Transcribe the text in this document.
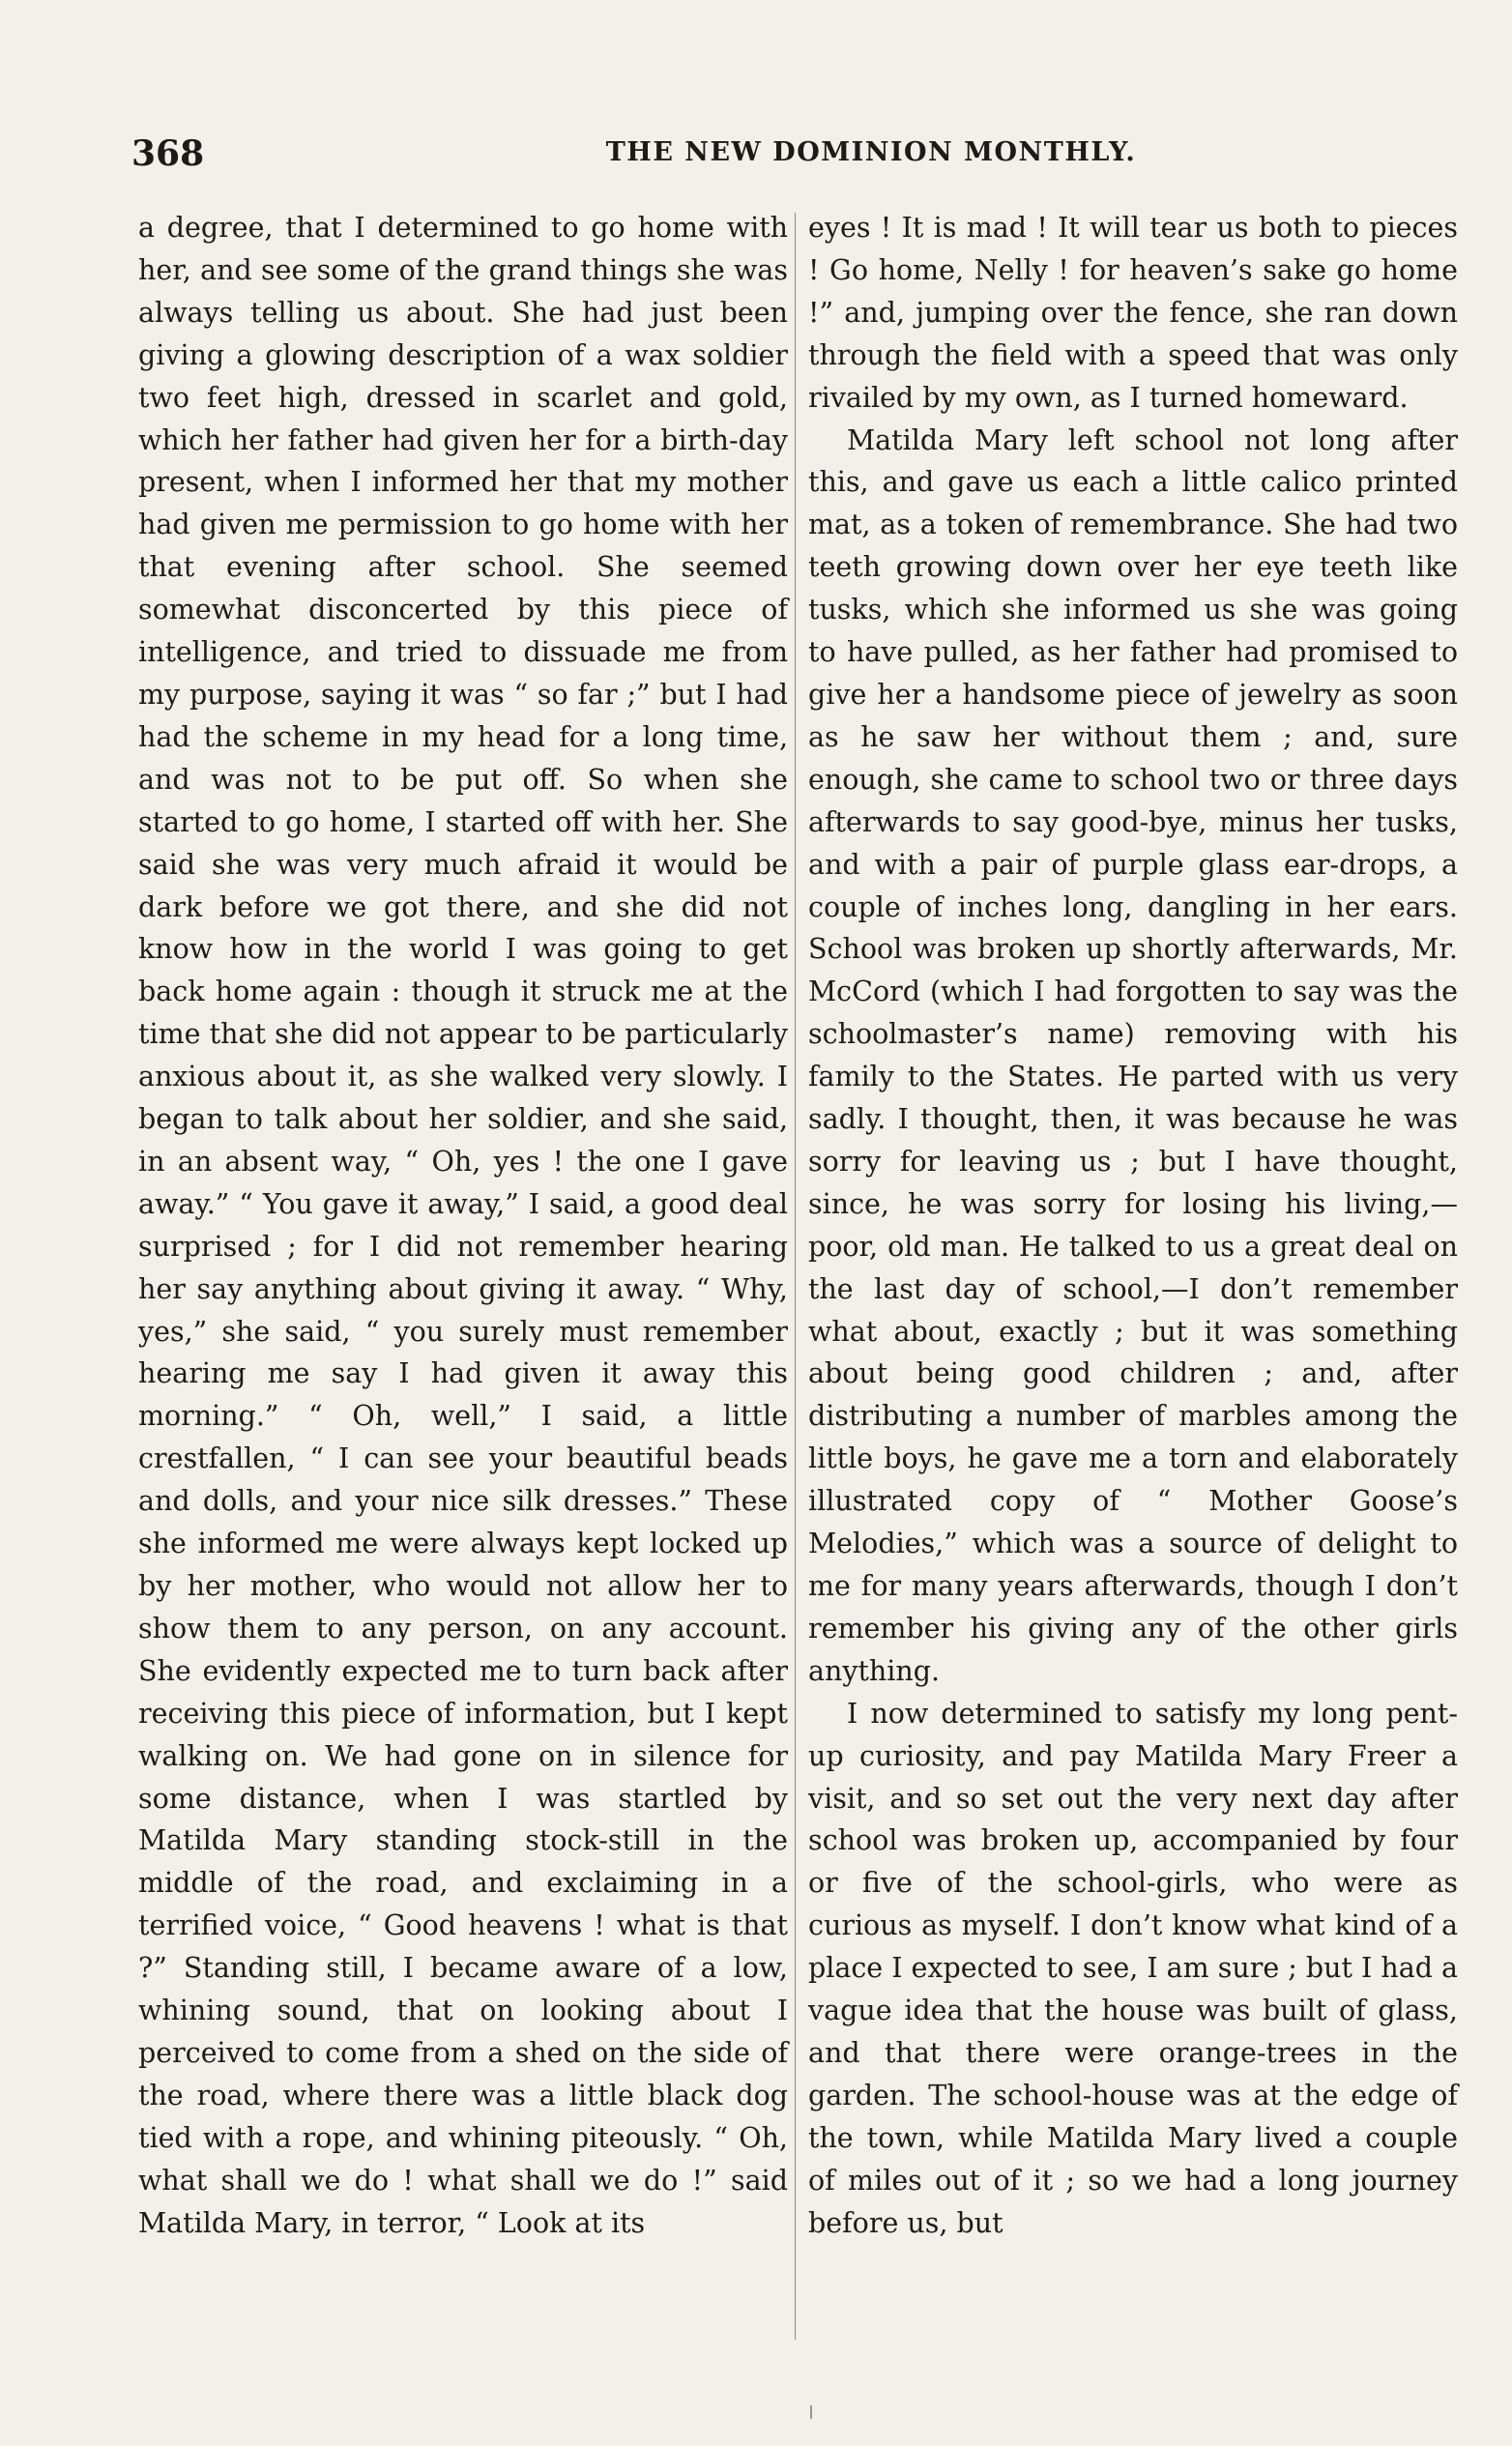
368	THE NEW DOMINION MONTHLY.

a degree, that I determined to go home with her, and see some of the grand things she was always telling us about. She had just been giving a glowing description of a wax soldier two feet high, dressed in scarlet and gold, which her father had given her for a birth-day present, when I informed her that my mother had given me permission to go home with her that evening after school. She seemed somewhat disconcerted by this piece of intelligence, and tried to dissuade me from my purpose, saying it was “ so far ;” but I had had the scheme in my head for a long time, and was not to be put off. So when she started to go home, I started off with her. She said she was very much afraid it would be dark before we got there, and she did not know how in the world I was going to get back home again : though it struck me at the time that she did not appear to be particularly anxious about it, as she walked very slowly. I began to talk about her soldier, and she said, in an absent way, “ Oh, yes ! the one I gave away.” “ You gave it away,” I said, a good deal surprised ; for I did not remember hearing her say anything about giving it away. “ Why, yes,” she said, “ you surely must remember hearing me say I had given it away this morning.” “ Oh, well,” I said, a little crestfallen, “ I can see your beautiful beads and dolls, and your nice silk dresses.” These she informed me were always kept locked up by her mother, who would not allow her to show them to any person, on any account. She evidently expected me to turn back after receiving this piece of information, but I kept walking on. We had gone on in silence for some distance, when I was startled by Matilda Mary standing stock-still in the middle of the road, and exclaiming in a terrified voice, “ Good heavens ! what is that ?” Standing still, I became aware of a low, whining sound, that on looking about I perceived to come from a shed on the side of the road, where there was a little black dog tied with a rope, and whining piteously. “ Oh, what shall we do ! what shall we do !” said Matilda Mary, in terror, “ Look at its

eyes ! It is mad ! It will tear us both to pieces ! Go home, Nelly ! for heaven’s sake go home !” and, jumping over the fence, she ran down through the field with a speed that was only rivailed by my own, as I turned homeward.

Matilda Mary left school not long after this, and gave us each a little calico printed mat, as a token of remembrance. She had two teeth growing down over her eye teeth like tusks, which she informed us she was going to have pulled, as her father had promised to give her a handsome piece of jewelry as soon as he saw her without them ; and, sure enough, she came to school two or three days afterwards to say good-bye, minus her tusks, and with a pair of purple glass ear-drops, a couple of inches long, dangling in her ears. School was broken up shortly afterwards, Mr. McCord (which I had forgotten to say was the schoolmaster’s name) removing with his family to the States. He parted with us very sadly. I thought, then, it was because he was sorry for leaving us ; but I have thought, since, he was sorry for losing his living,—poor, old man. He talked to us a great deal on the last day of school,—I don’t remember what about, exactly ; but it was something about being good children ; and, after distributing a number of marbles among the little boys, he gave me a torn and elaborately illustrated copy of “ Mother Goose’s Melodies,” which was a source of delight to me for many years afterwards, though I don’t remember his giving any of the other girls anything.

I now determined to satisfy my long pent-up curiosity, and pay Matilda Mary Freer a visit, and so set out the very next day after school was broken up, accompanied by four or five of the school-girls, who were as curious as myself. I don’t know what kind of a place I expected to see, I am sure ; but I had a vague idea that the house was built of glass, and that there were orange-trees in the garden. The school-house was at the edge of the town, while Matilda Mary lived a couple of miles out of it ; so we had a long journey before us, but
